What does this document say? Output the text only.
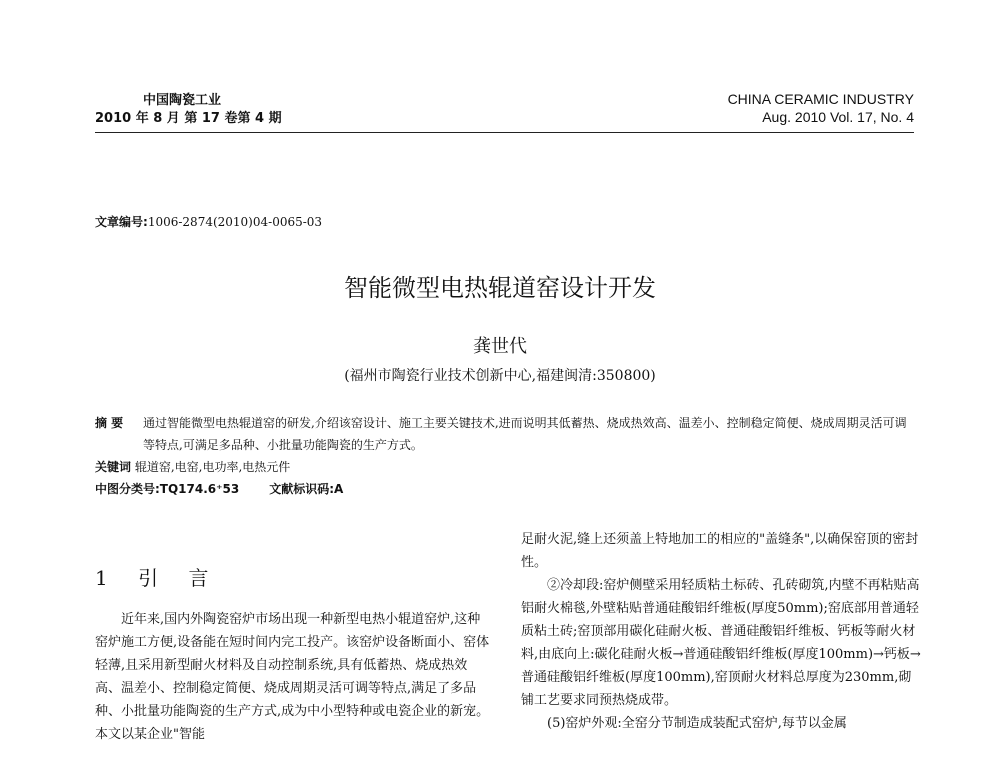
中国陶瓷工业
2010 年 8 月 第 17 卷第 4 期
CHINA CERAMIC INDUSTRY
Aug. 2010 Vol. 17, No. 4
文章编号:1006-2874(2010)04-0065-03
智能微型电热辊道窑设计开发
龚世代
(福州市陶瓷行业技术创新中心,福建闽清:350800)
摘 要 通过智能微型电热辊道窑的研发,介绍该窑设计、施工主要关键技术,进而说明其低蓄热、烧成热效高、温差小、控制稳定简便、烧成周期灵活可调等特点,可满足多品种、小批量功能陶瓷的生产方式。
关键词 辊道窑,电窑,电功率,电热元件
中图分类号:TQ174.6⁺53	文献标识码:A
1 引 言

近年来,国内外陶瓷窑炉市场出现一种新型电热小辊道窑炉,这种窑炉施工方便,设备能在短时间内完工投产。该窑炉设备断面小、窑体轻薄,且采用新型耐火材料及自动控制系统,具有低蓄热、烧成热效高、温差小、控制稳定简便、烧成周期灵活可调等特点,满足了多品种、小批量功能陶瓷的生产方式,成为中小型特种或电瓷企业的新宠。本文以某企业"智能

足耐火泥,缝上还须盖上特地加工的相应的"盖缝条",以确保窑顶的密封性。

②冷却段:窑炉侧壁采用轻质粘土标砖、孔砖砌筑,内壁不再粘贴高铝耐火棉毯,外壁粘贴普通硅酸铝纤维板(厚度50mm);窑底部用普通轻质粘土砖;窑顶部用碳化硅耐火板、普通硅酸铝纤维板、钙板等耐火材料,由底向上:碳化硅耐火板→普通硅酸铝纤维板(厚度100mm)→钙板→普通硅酸铝纤维板(厚度100mm),窑顶耐火材料总厚度为230mm,砌铺工艺要求同预热烧成带。

(5)窑炉外观:全窑分节制造成装配式窑炉,每节以金属
